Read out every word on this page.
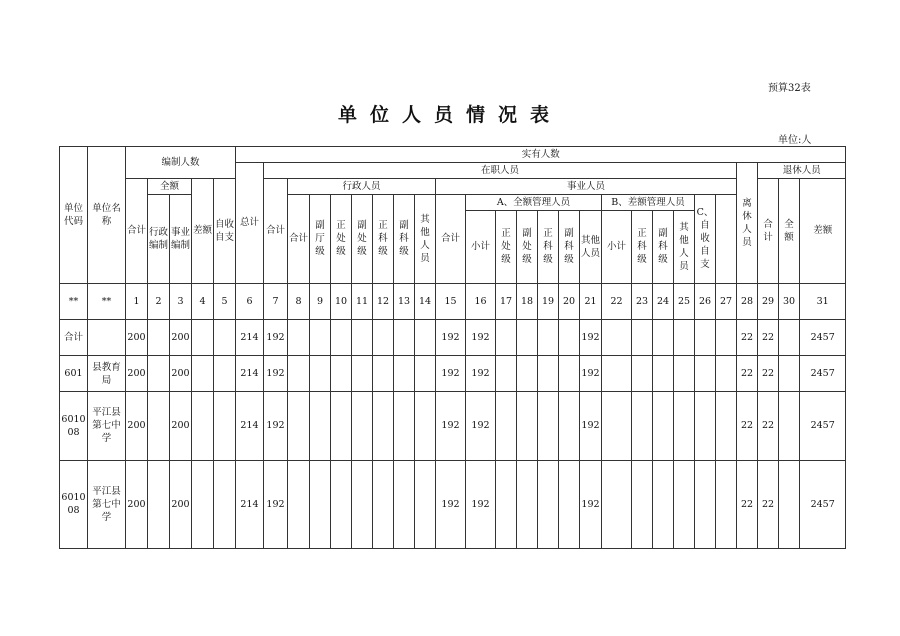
预算32表
单位人员情况表
单位:人
单位代码	单位名称	编制人数					实有人数																										
							总计	在职人员																					离休人员	退休人员	
		合计	全额		差额	自收自支		合计	行政人员							事业人员														合计	全额	差额	
			行政编制	事业编制					合计	副厅级	正处级	副处级	正科级	副科级	其他人员	合计	A、全额管理人员						B、差额管理人员				C、自收自支						
																	小计	正处级	副处级	正科级	副科级	其他人员	小计	正科级	副科级	其他人员							
**	**	1	2	3	4	5	6	7	8	9	10	11	12	13	14	15	16	17	18	19	20	21	22	23	24	25	26	27	28	29	30	31	
合计		200		200			214	192								192	192					192							22	22		2457	
601	县教育局	200		200			214	192								192	192					192							22	22		2457	
601008	平江县第七中学	200		200			214	192								192	192					192							22	22		2457	
601008	平江县第七中学	200		200			214	192								192	192					192							22	22		2457	
